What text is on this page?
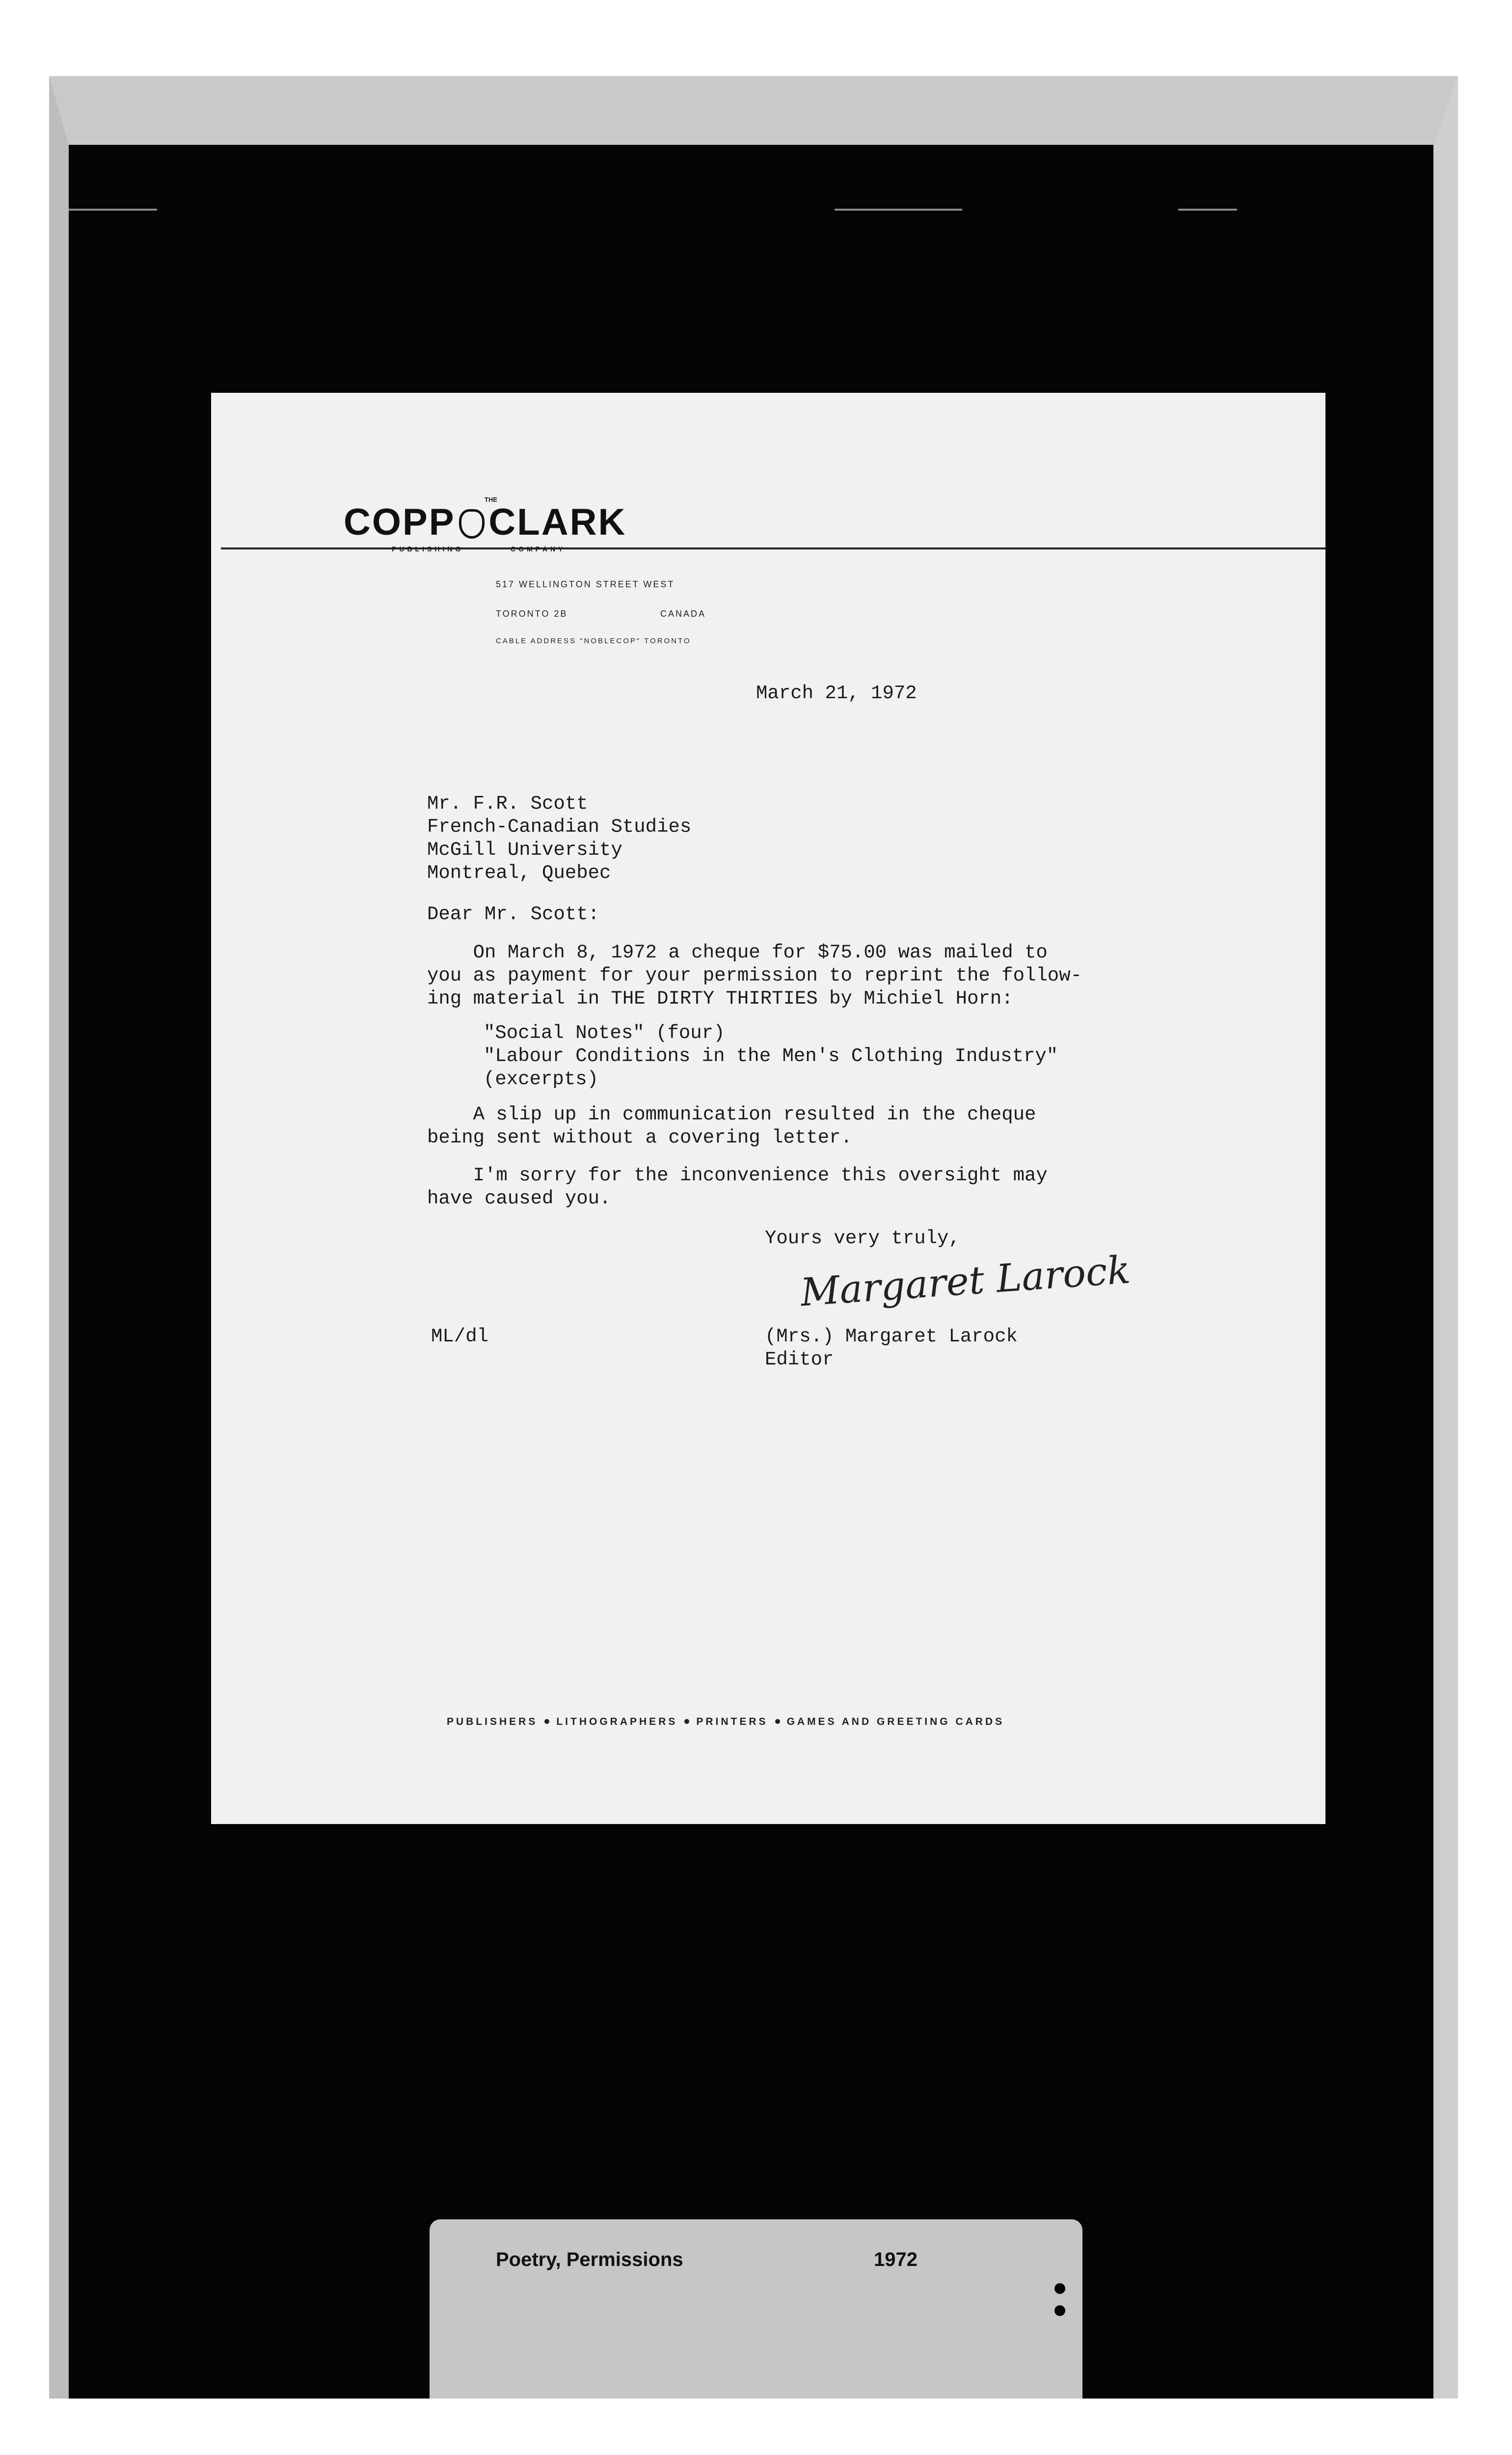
THE
COPP CLARK
517 WELLINGTON STREET WEST
TORONTO 2B	CANADA
CABLE ADDRESS "NOBLECOP" TORONTO
March 21, 1972
Mr. F.R. Scott
French-Canadian Studies
McGill University
Montreal, Quebec
Dear Mr. Scott:
On March 8, 1972 a cheque for $75.00 was mailed to
you as payment for your permission to reprint the follow-
ing material in THE DIRTY THIRTIES by Michiel Horn:
"Social Notes" (four)
"Labour Conditions in the Men's Clothing Industry"
(excerpts)
A slip up in communication resulted in the cheque
being sent without a covering letter.
I'm sorry for the inconvenience this oversight may
have caused you.
Yours very truly,
Margaret Larock
ML/dl	(Mrs.) Margaret Larock
Editor
PUBLISHERS LITHOGRAPHERS PRINTERS GAMES AND GREETING CARDS
Poetry, Permissions	1972
